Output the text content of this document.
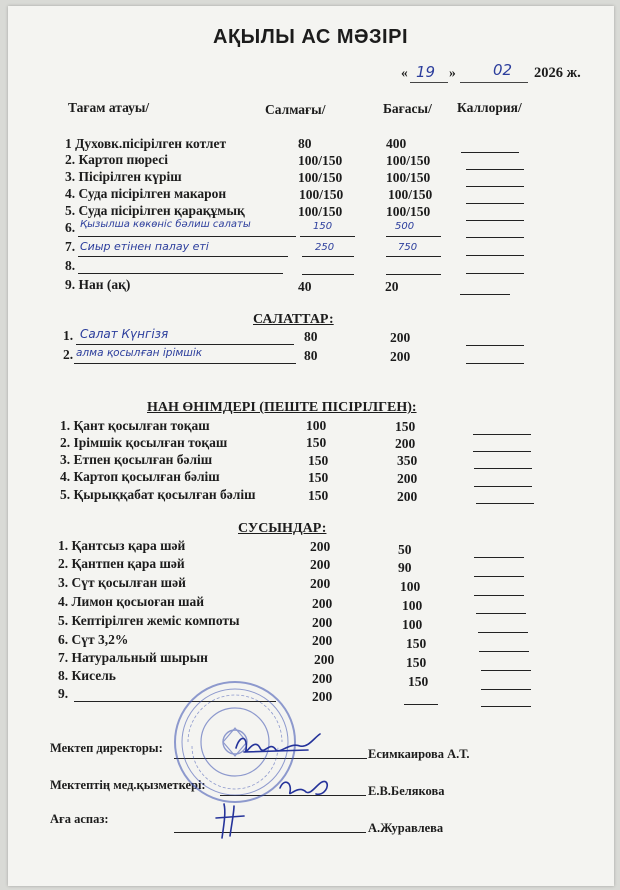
АҚЫЛЫ АС МӘЗІРІ
« 19 » 02 2026 ж.
Тағам атауы/	Салмағы/	Бағасы/ Каллория/
1 Духовк.пісірілген котлет	80	400
2. Картоп пюресі	100/150	100/150
3. Пісірілген күріш	100/150	100/150
4. Суда пісірілген макарон	100/150	100/150
5. Суда пісірілген қарақұмық	100/150	100/150
6. Қызылша көкөніс бәлиш салаты	150	500
7. Сиыр етінен палау етi	250	750
8.
9. Нан (ақ)	40	20
САЛАТТАР:
1. Салат Күнгiзя	80	200
2. алма қосылған ірімшік	80	200
НАН ӨНІМДЕРІ (ПЕШТЕ ПІСІРІЛГЕН):
1. Қант қосылған тоқаш	100	150
2. Ірімшік қосылған тоқаш	150	200
3. Етпен қосылған бәліш	150	350
4. Картоп қосылған бәліш	150	200
5. Қырыққабат қосылған бәліш	150	200
СУСЫНДАР:
1. Қантсыз қара шәй	200	50
2. Қантпен қара шәй	200	90
3. Сүт қосылған шәй	200	100
4. Лимон қосыоған шай	200	100
5. Кептірілген жеміс компоты	200	100
6. Сүт 3,2%	200	150
7. Натуральный шырын	200	150
8. Кисель	200	150
9.	200
Мектеп директоры:	Есимкаирова А.Т.
Мектептің мед.қызметкері:	Е.В.Белякова
Аға аспаз:
А.Журавлева
